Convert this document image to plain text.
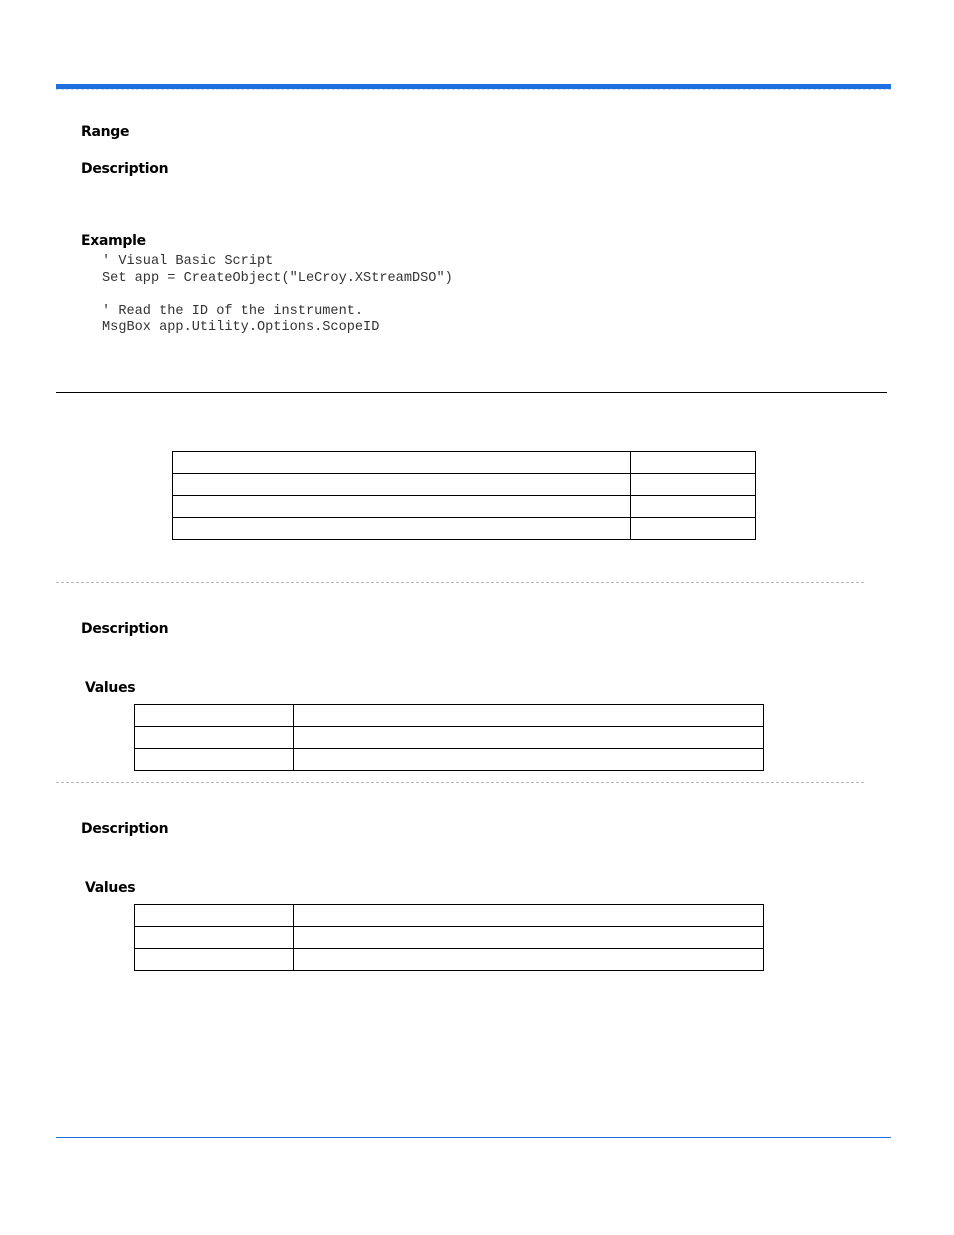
Range
Description
Example
' Visual Basic Script
Set app = CreateObject("LeCroy.XStreamDSO")

' Read the ID of the instrument.
MsgBox app.Utility.Options.ScopeID

Description
Values

Description
Values
